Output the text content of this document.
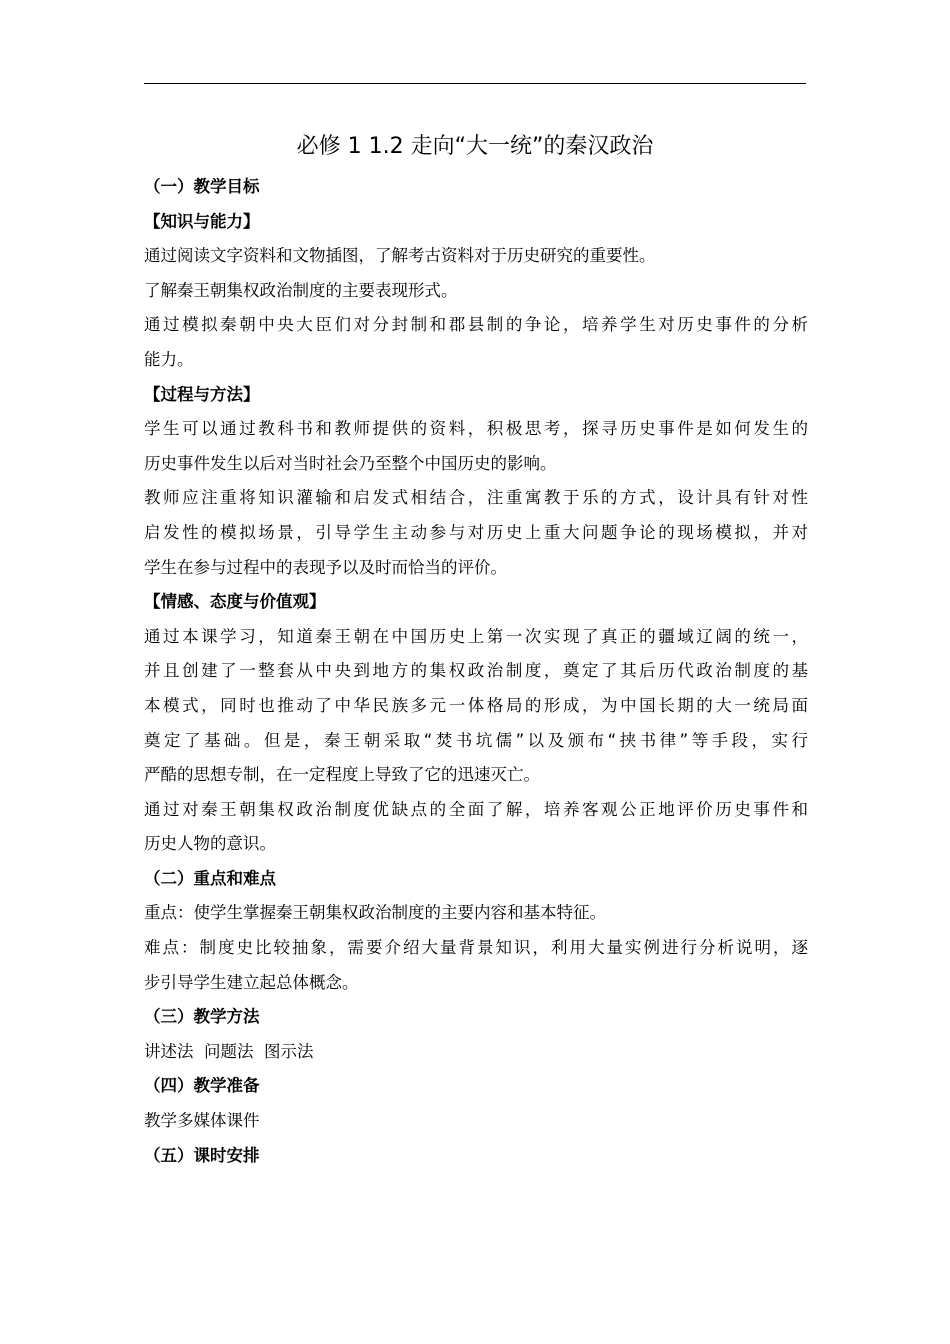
必修 1 1.2 走向“大一统”的秦汉政治

（一）教学目标

【知识与能力】

通过阅读文字资料和文物插图，了解考古资料对于历史研究的重要性。

了解秦王朝集权政治制度的主要表现形式。

通过模拟秦朝中央大臣们对分封制和郡县制的争论，培养学生对历史事件的分析

能力。

【过程与方法】

学生可以通过教科书和教师提供的资料，积极思考，探寻历史事件是如何发生的

历史事件发生以后对当时社会乃至整个中国历史的影响。

教师应注重将知识灌输和启发式相结合，注重寓教于乐的方式，设计具有针对性

启发性的模拟场景，引导学生主动参与对历史上重大问题争论的现场模拟，并对

学生在参与过程中的表现予以及时而恰当的评价。

【情感、态度与价值观】

通过本课学习，知道秦王朝在中国历史上第一次实现了真正的疆域辽阔的统一，

并且创建了一整套从中央到地方的集权政治制度，奠定了其后历代政治制度的基

本模式，同时也推动了中华民族多元一体格局的形成，为中国长期的大一统局面

奠定了基础。但是，秦王朝采取“焚书坑儒”以及颁布“挟书律”等手段，实行

严酷的思想专制，在一定程度上导致了它的迅速灭亡。

通过对秦王朝集权政治制度优缺点的全面了解，培养客观公正地评价历史事件和

历史人物的意识。

（二）重点和难点

重点：使学生掌握秦王朝集权政治制度的主要内容和基本特征。

难点：制度史比较抽象，需要介绍大量背景知识，利用大量实例进行分析说明，逐

步引导学生建立起总体概念。

（三）教学方法

讲述法  问题法  图示法

（四）教学准备

教学多媒体课件

（五）课时安排
